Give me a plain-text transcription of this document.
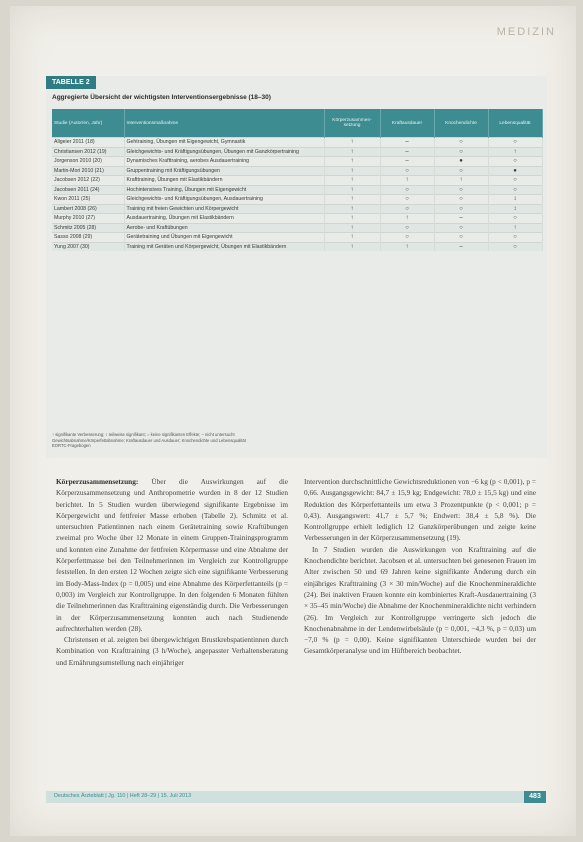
MEDIZIN
TABELLE 2
Aggregierte Übersicht der wichtigsten Interventionsergebnisse (18–30)
Studie (Autor/en, Jahr)	Interventionsmaßnahme	Körperzusammen-setzung	Kraftausdauer	Knochendichte	Lebensqualität
Allgeier 2011 (18)	Gehtraining, Übungen mit Eigengewicht, Gymnastik	↑	–	○	○
Christiansen 2012 (19)	Gleichgewichts- und Kräftigungsübungen, Übungen mit Ganzkörpertraining	↑	–	○	↑
Jorgenson 2010 (20)	Dynamisches Krafttraining, aerobes Ausdauertraining	↑	–	●	○
Martin-Mori 2010 (21)	Gruppentraining mit Kräftigungsübungen	↑	○	○	●
Jacobsen 2012 (22)	Krafttraining, Übungen mit Elastikbändern	↑	↑	↑	○
Jacobsen 2011 (24)	Hochintensives Training, Übungen mit Eigengewicht	↑	○	○	○
Kwon 2011 (25)	Gleichgewichts- und Kräftigungsübungen, Ausdauertraining	↑	○	○	↕
Lambert 2008 (26)	Training mit freien Gewichten und Körpergewicht	↑	○	○	↕
Murphy 2010 (27)	Ausdauertraining, Übungen mit Elastikbändern	↑	↑	–	○
Schmitz 2005 (28)	Aerobe- und Kraftübungen	↑	○	○	↑
Sasso 2008 (29)	Gerätetraining und Übungen mit Eigengewicht	↑	○	○	○
Yung 2007 (30)	Training mit Geräten und Körpergewicht, Übungen mit Elastikbändern	↑	↑	–	○
↑ signifikante Verbesserung; ↕ teilweise signifikant; ○ keine signifikanten Effekte; – nicht untersucht
Gewichtsabnahme/Körperfettabnahme; Kraftausdauer und Ausdauer; Knochendichte und Lebensqualität
EORTC-Fragebogen

Körperzusammensetzung: Über die Auswirkungen auf die Körperzusammensetzung und Anthropometrie wurden in 8 der 12 Studien berichtet. In 5 Studien wurden überwiegend signifikante Ergebnisse im Körpergewicht und fettfreier Masse erhoben (Tabelle 2). Schmitz et al. untersuchten Patientinnen nach einem Gerätetraining sowie Kraftübungen zweimal pro Woche über 12 Monate in einem Gruppen-Trainingsprogramm und konnten eine Zunahme der fettfreien Körpermasse und eine Abnahme der Körperfettmasse bei den Teilnehmerinnen im Vergleich zur Kontrollgruppe feststellen. In den ersten 12 Wochen zeigte sich eine signifikante Verbesserung im Body-Mass-Index (p = 0,005) und eine Abnahme des Körperfettanteils (p = 0,003) im Vergleich zur Kontrollgruppe. In den folgenden 6 Monaten fühlten die Teilnehmerinnen das Krafttraining eigenständig durch. Die Verbesserungen in der Körperzusammensetzung konnten auch nach Studienende aufrechterhalten werden (28).

Christensen et al. zeigten bei übergewichtigen Brustkrebspatientinnen durch Kombination von Krafttraining (3 h/Woche), angepasster Verhaltensberatung und Ernährungsumstellung nach einjähriger

Intervention durchschnittliche Gewichtsreduktionen von −6 kg (p < 0,001), p = 0,66. Ausgangsgewicht: 84,7 ± 15,9 kg; Endgewicht: 78,0 ± 15,5 kg) und eine Reduktion des Körperfettanteils um etwa 3 Prozentpunkte (p < 0,001; p = 0,43). Ausgangswert: 41,7 ± 5,7 %; Endwert: 38,4 ± 5,8 %). Die Kontrollgruppe erhielt lediglich 12 Ganzkörperübungen und zeigte keine Verbesserungen in der Körperzusammensetzung (19).

In 7 Studien wurden die Auswirkungen von Krafttraining auf die Knochendichte berichtet. Jacobsen et al. untersuchten bei genesenen Frauen im Alter zwischen 50 und 69 Jahren keine signifikante Änderung durch ein einjähriges Krafttraining (3 × 30 min/Woche) auf die Knochenmineraldichte (24). Bei inaktiven Frauen konnte ein kombiniertes Kraft-Ausdauertraining (3 × 35–45 min/Woche) die Abnahme der Knochenmineraldichte nicht verhindern (26). Im Vergleich zur Kontrollgruppe verringerte sich jedoch die Knochenabnahme in der Lendenwirbelsäule (p = 0,001, −4,3 %, p = 0,03) um −7,0 % (p = 0,00). Keine signifikanten Unterschiede wurden bei der Gesamtkörperanalyse und im Hüftbereich beobachtet.

Deutsches Ärzteblatt | Jg. 110 | Heft 28–29 | 15. Juli 2013	483
